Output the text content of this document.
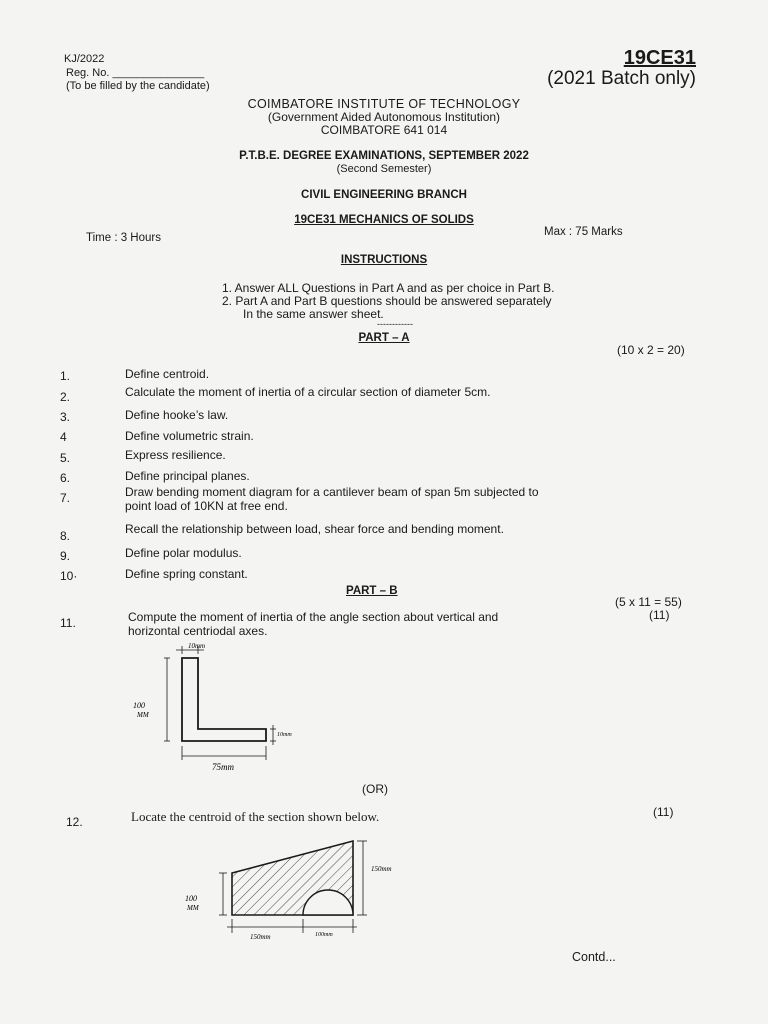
KJ/2022
Reg. No. _______________
(To be filled by the candidate)
19CE31
(2021 Batch only)
COIMBATORE INSTITUTE OF TECHNOLOGY
(Government Aided Autonomous Institution)
COIMBATORE 641 014
P.T.B.E. DEGREE EXAMINATIONS, SEPTEMBER 2022
(Second Semester)
CIVIL ENGINEERING BRANCH
19CE31 MECHANICS OF SOLIDS
Time : 3 Hours	Max : 75 Marks
INSTRUCTIONS
1. Answer ALL Questions in Part A and as per choice in Part B.
2. Part A and Part B questions should be answered separately
In the same answer sheet.
------------
PART – A
(10 x 2 = 20)
1.	Define centroid.
2.	Calculate the moment of inertia of a circular section of diameter 5cm.
3.	Define hooke’s law.
4	Define volumetric strain.
5.	Express resilience.
6.	Define principal planes.
7.	Draw bending moment diagram for a cantilever beam of span 5m subjected to
point load of 10KN at free end.
8.	Recall the relationship between load, shear force and bending moment.
9.	Define polar modulus.
10·	Define spring constant.
PART – B
(5 x 11 = 55)
(11)
11.	Compute the moment of inertia of the angle section about vertical and
horizontal centriodal axes.
10mm
100
MM
10mm
75mm
(OR)
12.	Locate the centroid of the section shown below.	(11)
150mm
100
MM
150mm	100mm
Contd...
